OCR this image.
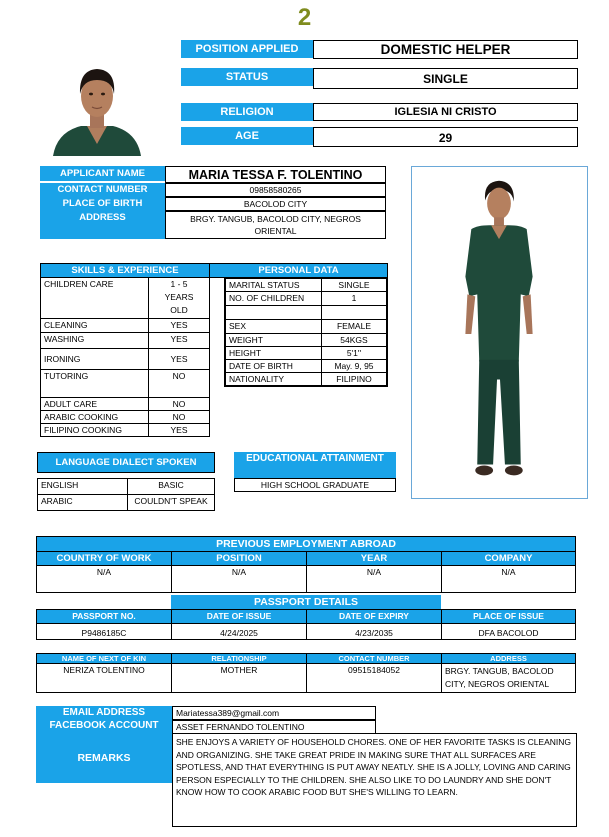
2
POSITION APPLIED	DOMESTIC HELPER
STATUS	SINGLE
RELIGION	IGLESIA NI CRISTO
AGE	29
APPLICANT NAME	MARIA TESSA F. TOLENTINO
CONTACT NUMBER	09858580265
PLACE OF BIRTH	BACOLOD CITY
ADDRESS	BRGY. TANGUB, BACOLOD CITY, NEGROS ORIENTAL
SKILLS & EXPERIENCE	
CHILDREN CARE	1 - 5 YEARS OLD
CLEANING	YES
WASHING	YES
IRONING	YES
TUTORING	NO
ADULT CARE	NO
ARABIC COOKING	NO
FILIPINO COOKING	YES
PERSONAL DATA

MARITAL STATUS	SINGLE
NO. OF CHILDREN	1

SEX	FEMALE
WEIGHT	54KGS
HEIGHT	5'1''
DATE OF BIRTH	May. 9, 95
NATIONALITY	FILIPINO
LANGUAGE DIALECT SPOKEN	

ENGLISH	BASIC
ARABIC	COULDN'T SPEAK
EDUCATIONAL ATTAINMENT
HIGH SCHOOL GRADUATE
PREVIOUS EMPLOYMENT ABROAD			
COUNTRY OF WORK	POSITION	YEAR	COMPANY
N/A	N/A	N/A	N/A
PASSPORT DETAILS
PASSPORT NO.	DATE OF ISSUE	DATE OF EXPIRY	PLACE OF ISSUE
P9486185C	4/24/2025	4/23/2035	DFA BACOLOD
NAME OF NEXT OF KIN	RELATIONSHIP	CONTACT NUMBER	ADDRESS
NERIZA TOLENTINO	MOTHER	09515184052	BRGY. TANGUB, BACOLOD CITY, NEGROS ORIENTAL
EMAIL ADDRESS	Mariatessa389@gmail.com
FACEBOOK ACCOUNT	ASSET FERNANDO TOLENTINO
REMARKS
SHE ENJOYS A VARIETY OF HOUSEHOLD CHORES. ONE OF HER FAVORITE TASKS IS CLEANING AND ORGANIZING. SHE TAKE GREAT PRIDE IN MAKING SURE THAT ALL SURFACES ARE SPOTLESS, AND THAT EVERYTHING IS PUT AWAY NEATLY. SHE IS A JOLLY, LOVING AND CARING PERSON ESPECIALLY TO THE CHILDREN. SHE ALSO LIKE TO DO LAUNDRY AND SHE DON'T KNOW HOW TO COOK ARABIC FOOD BUT SHE'S WILLING TO LEARN.
